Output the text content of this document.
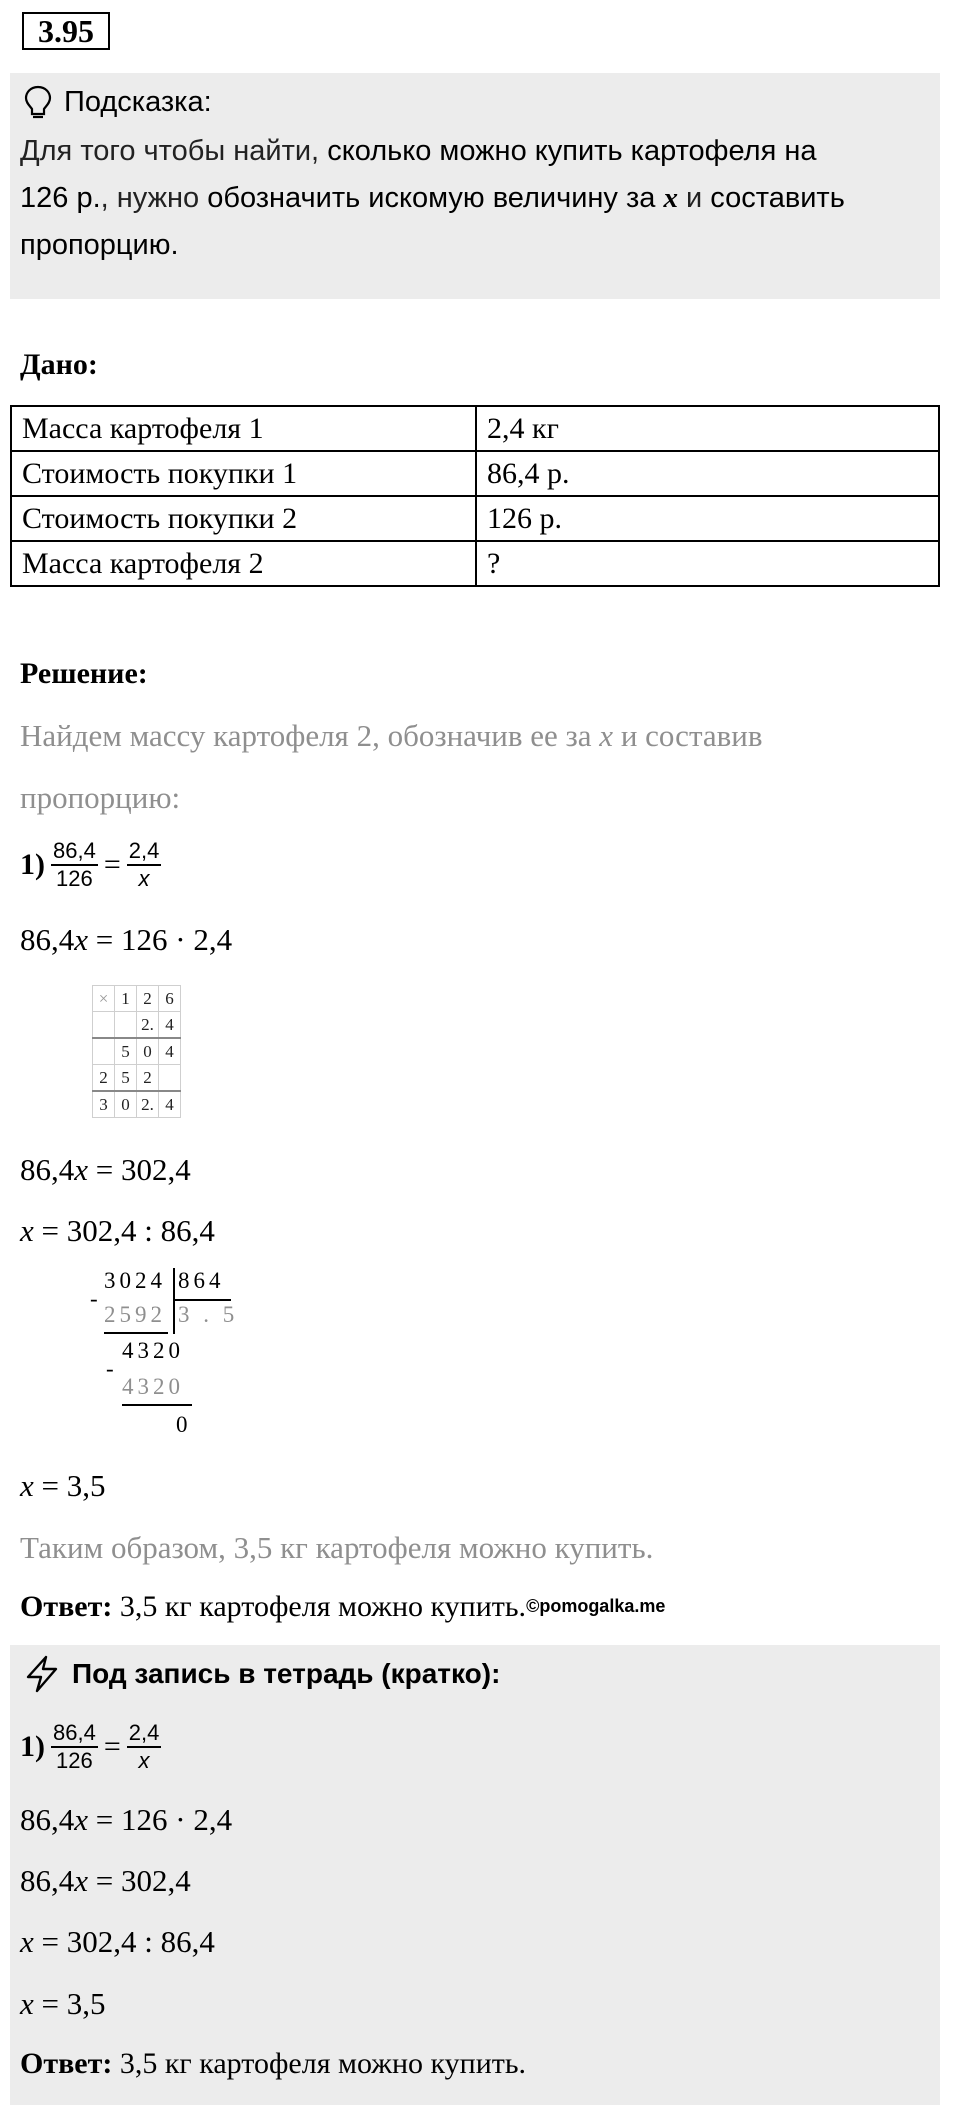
3.95
Подсказка:
Для того чтобы найти, сколько можно купить картофеля на
126 р., нужно обозначить искомую величину за x и составить
пропорцию.
Дано:
Масса картофеля 1	2,4 кг
Стоимость покупки 1	86,4 р.
Стоимость покупки 2	126 р.
Масса картофеля 2	?
Решение:
Найдем массу картофеля 2, обозначив ее за x и составив
пропорцию:
$1) \frac{86,4}{126} = \frac{2,4}{x}$
86,4x = 126 · 2,4
×	1	2	6
		2.	4
	5	0	4
2	5	2	
3	0	2.	4
86,4x = 302,4
x = 302,4 : 86,4
3024 864
-
2592 3 . 5
4320
-
4320
0
x = 3,5
Таким образом, 3,5 кг картофеля можно купить.
Ответ: 3,5 кг картофеля можно купить.©pomogalka.me
Под запись в тетрадь (кратко):
$1) \frac{86,4}{126} = \frac{2,4}{x}$
86,4x = 126 · 2,4
86,4x = 302,4
x = 302,4 : 86,4
x = 3,5
Ответ: 3,5 кг картофеля можно купить.
